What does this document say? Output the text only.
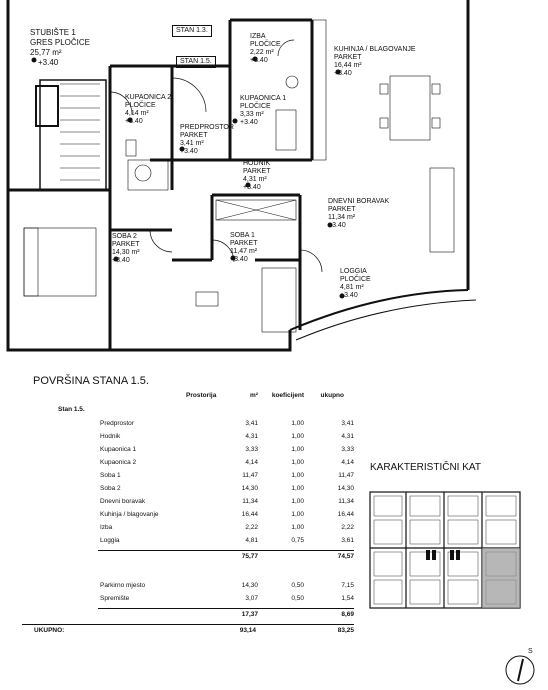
STAN 1.3.
STAN 1.5.
STUBIŠTE 1
GRES PLOČICE
25,77 m²
+3.40
IZBA
PLOČICE
2,22 m²
+3.40
KUHINJA / BLAGOVANJE
PARKET
16,44 m²
+3.40
KUPAONICA 2
PLOČICE
4,14 m²
+3.40
KUPAONICA 1
PLOČICE
3,33 m²
+3.40
PREDPROSTOR
PARKET
3,41 m²
+3.40
HODNIK
PARKET
4,31 m²
+3.40
DNEVNI BORAVAK
PARKET
11,34 m²
+3.40
SOBA 2
PARKET
14,30 m²
+3.40
SOBA 1
PARKET
11,47 m²
+3.40
LOGGIA
PLOČICE
4,81 m²
+3.40
POVRŠINA STANA 1.5.
Prostorija	m² koeficijent	ukupno
Stan 1.5.
Predprostor	3,41	1,00	3,41
Hodnik	4,31	1,00	4,31
Kupaonica 1	3,33	1,00	3,33
Kupaonica 2	4,14	1,00	4,14
Soba 1	11,47	1,00	11,47
Soba 2	14,30	1,00	14,30
Dnevni boravak	11,34	1,00	11,34
Kuhinja / blagovanje	16,44	1,00	16,44
Izba	2,22	1,00	2,22
Loggia	4,81	0,75	3,61
75,77	74,57
Parkirno mjesto	14,30	0,50	7,15
Spremište	3,07	0,50	1,54
17,37	8,69
UKUPNO:	93,14	83,25
KARAKTERISTIČNI KAT
S
